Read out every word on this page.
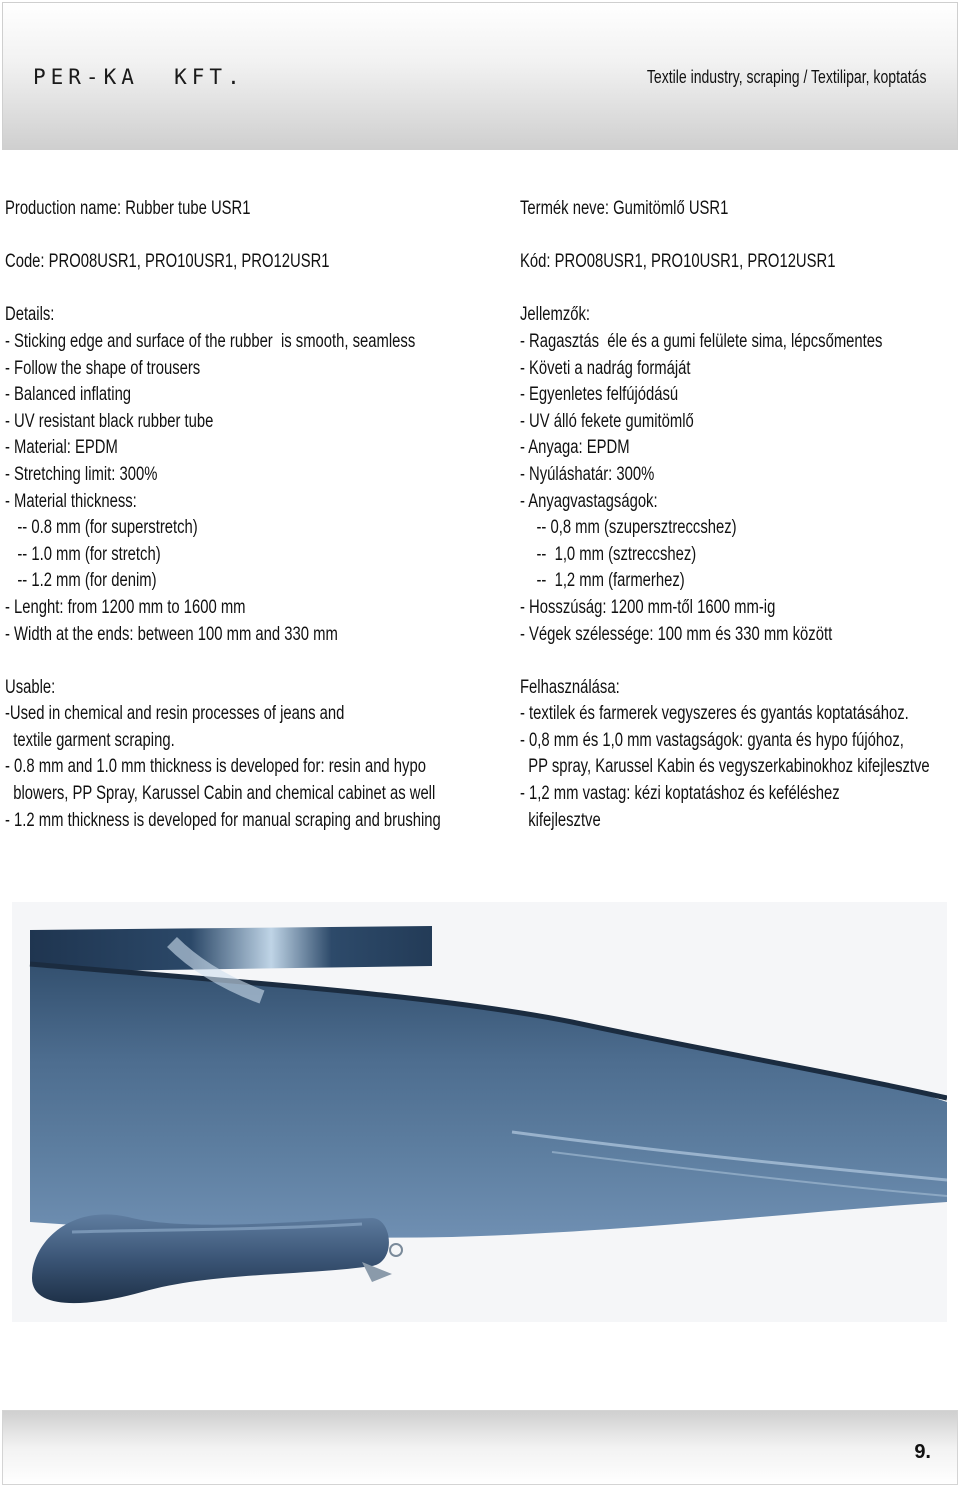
PER-KA  KFT.	Textile industry, scraping / Textilipar, koptatás
Production name: Rubber tube USR1
Code: PRO08USR1, PRO10USR1, PRO12USR1
Details:
- Sticking edge and surface of the rubber  is smooth, seamless
- Follow the shape of trousers
- Balanced inflating
- UV resistant black rubber tube
- Material: EPDM
- Stretching limit: 300%
- Material thickness:
-- 0.8 mm (for superstretch)
-- 1.0 mm (for stretch)
-- 1.2 mm (for denim)
- Lenght: from 1200 mm to 1600 mm
- Width at the ends: between 100 mm and 330 mm
Usable:
-Used in chemical and resin processes of jeans and
textile garment scraping.
- 0.8 mm and 1.0 mm thickness is developed for: resin and hypo
blowers, PP Spray, Karussel Cabin and chemical cabinet as well
- 1.2 mm thickness is developed for manual scraping and brushing
Termék neve: Gumitömlő USR1
Kód: PRO08USR1, PRO10USR1, PRO12USR1
Jellemzők:
- Ragasztás  éle és a gumi felülete sima, lépcsőmentes
- Követi a nadrág formáját
- Egyenletes felfújódású
- UV álló fekete gumitömlő
- Anyaga: EPDM
- Nyúláshatár: 300%
- Anyagvastagságok:
-- 0,8 mm (szupersztreccshez)
--  1,0 mm (sztreccshez)
--  1,2 mm (farmerhez)
- Hosszúság: 1200 mm-től 1600 mm-ig
- Végek szélessége: 100 mm és 330 mm között
Felhasználása:
- textilek és farmerek vegyszeres és gyantás koptatásához.
- 0,8 mm és 1,0 mm vastagságok: gyanta és hypo fújóhoz,
PP spray, Karussel Kabin és vegyszerkabinokhoz kifejlesztve
- 1,2 mm vastag: kézi koptatáshoz és keféléshez
kifejlesztve
9.
